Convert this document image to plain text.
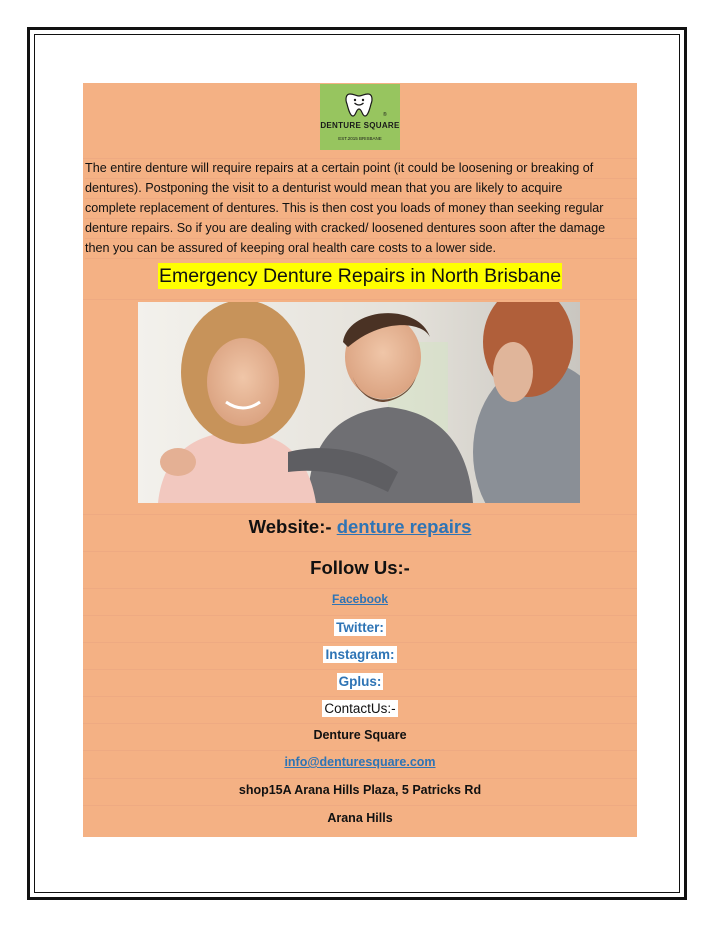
®
DENTURE SQUARE
EST.2015 BRISBANE

The entire denture will require repairs at a certain point (it could be loosening or breaking of
dentures). Postponing the visit to a denturist would mean that you are likely to acquire
complete replacement of dentures. This is then cost you loads of money than seeking regular
denture repairs. So if you are dealing with cracked/ loosened dentures soon after the damage
then you can be assured of keeping oral health care costs to a lower side.

Emergency Denture Repairs in North Brisbane
Website:- denture repairs
Follow Us:-
Facebook
Twitter:
Instagram:
Gplus:
ContactUs:-
Denture Square
info@denturesquare.com
shop15A Arana Hills Plaza, 5 Patricks Rd
Arana Hills
